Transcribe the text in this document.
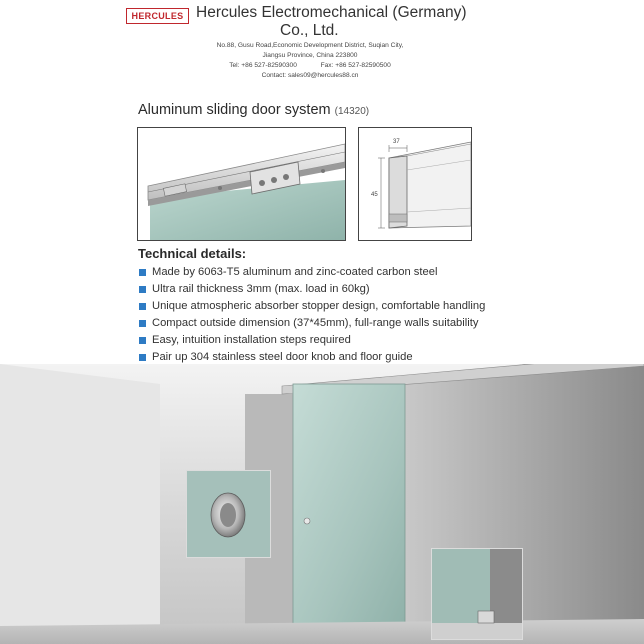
HERCULES Hercules Electromechanical (Germany)
Co., Ltd.
No.88, Gusu Road,Economic Development District, Suqian City,
Jiangsu Province, China 223800
Tel: +86 527-82590300	Fax: +86 527-82590500
Contact: sales09@hercules88.cn
Aluminum sliding door system (14320)
37
45
Technical details:
Made by 6063-T5 aluminum and zinc-coated carbon steel
Ultra rail thickness 3mm (max. load in 60kg)
Unique atmospheric absorber stopper design, comfortable handling
Compact outside dimension (37*45mm), full-range walls suitability
Easy, intuition installation steps required
Pair up 304 stainless steel door knob and floor guide
